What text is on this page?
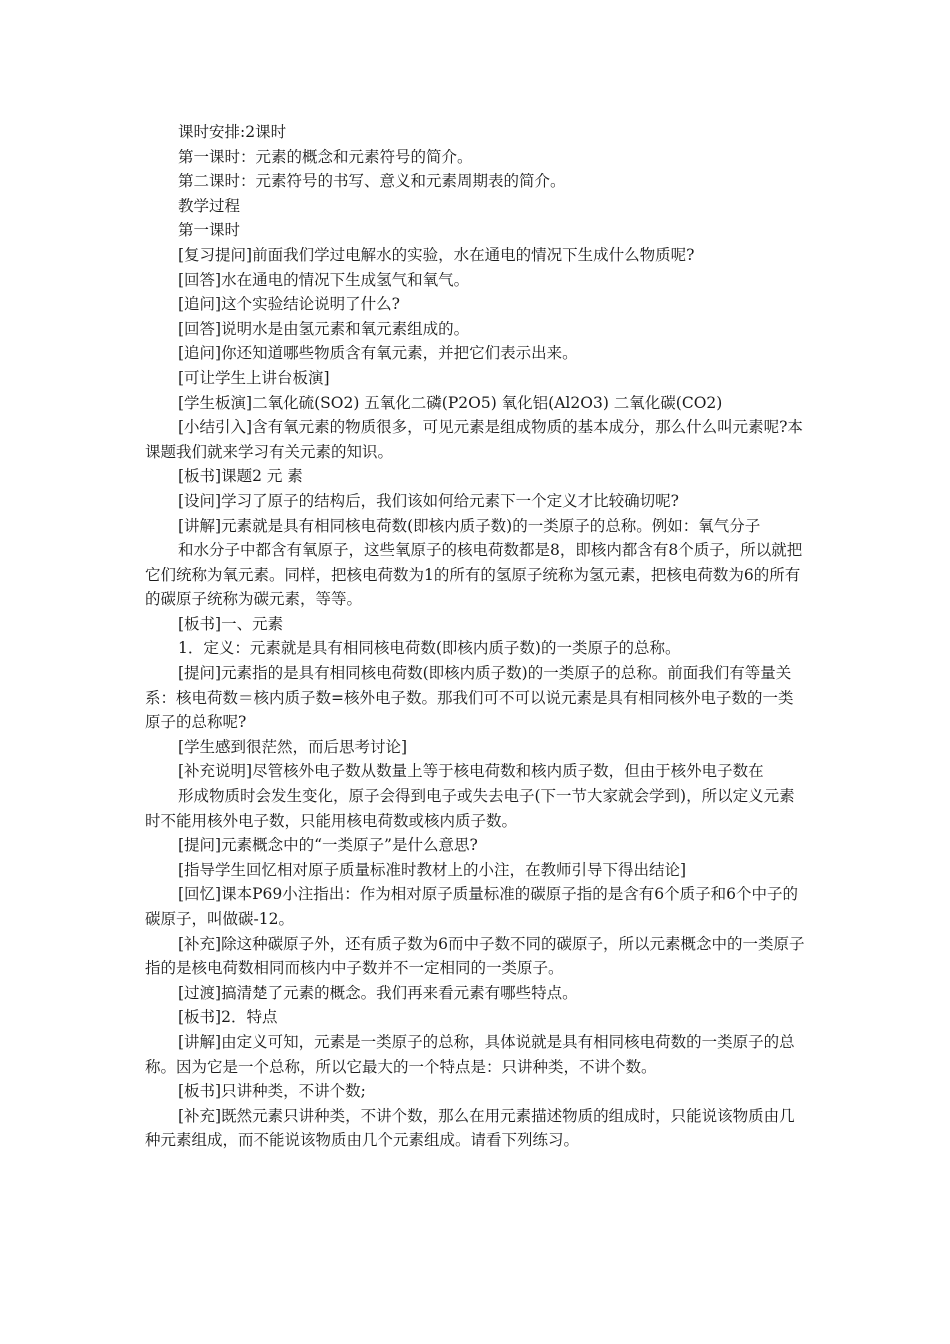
课时安排:2课时

第一课时：元素的概念和元素符号的简介。

第二课时：元素符号的书写、意义和元素周期表的简介。

教学过程

第一课时

[复习提问]前面我们学过电解水的实验，水在通电的情况下生成什么物质呢?

[回答]水在通电的情况下生成氢气和氧气。

[追问]这个实验结论说明了什么?

[回答]说明水是由氢元素和氧元素组成的。

[追问]你还知道哪些物质含有氧元素，并把它们表示出来。

[可让学生上讲台板演]

[学生板演]二氧化硫(SO2) 五氧化二磷(P2O5) 氧化铝(Al2O3) 二氧化碳(CO2)

[小结引入]含有氧元素的物质很多，可见元素是组成物质的基本成分，那么什么叫元素呢?本课题我们就来学习有关元素的知识。

[板书]课题2 元 素

[设问]学习了原子的结构后，我们该如何给元素下一个定义才比较确切呢?

[讲解]元素就是具有相同核电荷数(即核内质子数)的一类原子的总称。例如：氧气分子

和水分子中都含有氧原子，这些氧原子的核电荷数都是8，即核内都含有8个质子，所以就把它们统称为氧元素。同样，把核电荷数为1的所有的氢原子统称为氢元素，把核电荷数为6的所有的碳原子统称为碳元素，等等。

[板书]一、元素

1．定义：元素就是具有相同核电荷数(即核内质子数)的一类原子的总称。

[提问]元素指的是具有相同核电荷数(即核内质子数)的一类原子的总称。前面我们有等量关系：核电荷数＝核内质子数=核外电子数。那我们可不可以说元素是具有相同核外电子数的一类原子的总称呢?

[学生感到很茫然，而后思考讨论]

[补充说明]尽管核外电子数从数量上等于核电荷数和核内质子数，但由于核外电子数在

形成物质时会发生变化，原子会得到电子或失去电子(下一节大家就会学到)，所以定义元素时不能用核外电子数，只能用核电荷数或核内质子数。

[提问]元素概念中的“一类原子”是什么意思?

[指导学生回忆相对原子质量标准时教材上的小注，在教师引导下得出结论]

[回忆]课本P69小注指出：作为相对原子质量标准的碳原子指的是含有6个质子和6个中子的碳原子，叫做碳-12。

[补充]除这种碳原子外，还有质子数为6而中子数不同的碳原子，所以元素概念中的一类原子指的是核电荷数相同而核内中子数并不一定相同的一类原子。

[过渡]搞清楚了元素的概念。我们再来看元素有哪些特点。

[板书]2．特点

[讲解]由定义可知，元素是一类原子的总称，具体说就是具有相同核电荷数的一类原子的总称。因为它是一个总称，所以它最大的一个特点是：只讲种类，不讲个数。

[板书]只讲种类，不讲个数;

[补充]既然元素只讲种类，不讲个数，那么在用元素描述物质的组成时，只能说该物质由几种元素组成，而不能说该物质由几个元素组成。请看下列练习。
